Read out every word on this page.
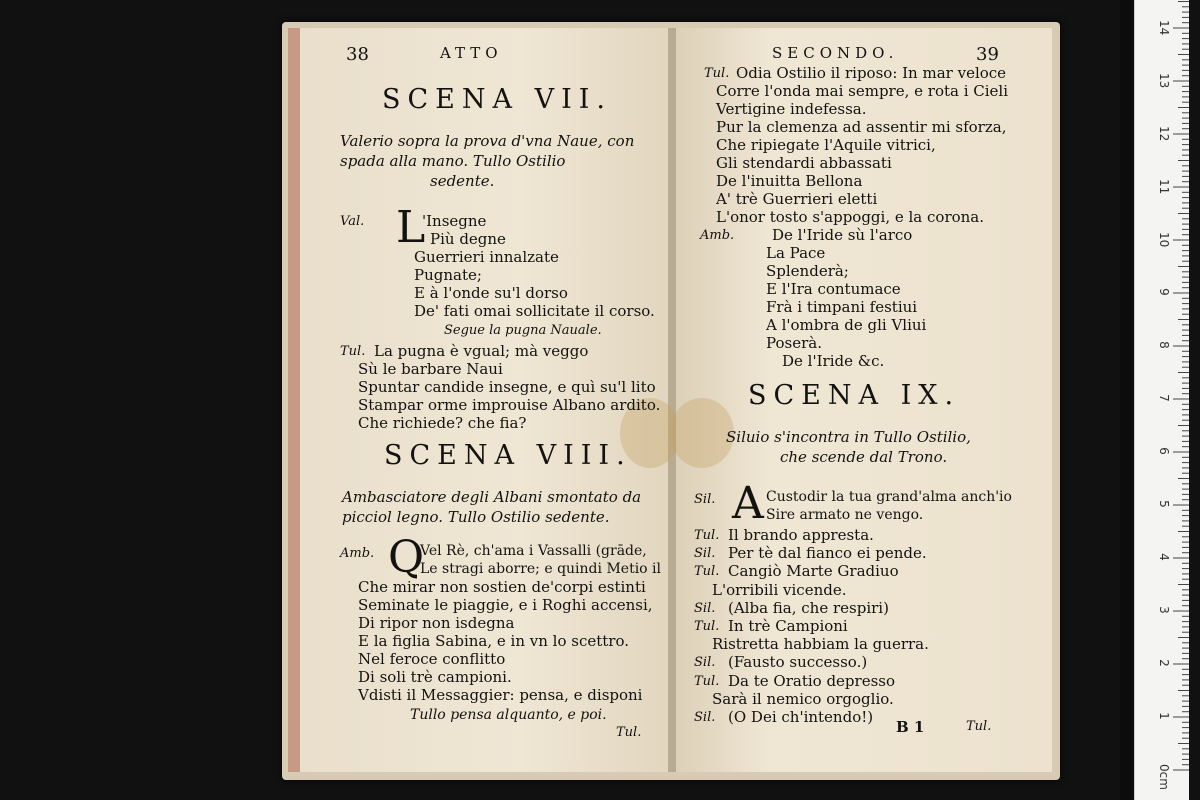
38	ATTO
SCENA VII.
Valerio sopra la prova d'vna Naue, con
spada alla mano. Tullo Ostilio
sedente.
Val. L
'Insegne
Più degne
Guerrieri innalzate
Pugnate;
E à l'onde su'l dorso
De' fati omai sollicitate il corso.
Segue la pugna Nauale.
Tul. La pugna è vgual; mà veggo
Sù le barbare Naui
Spuntar candide insegne, e quì su'l lito
Stampar orme improuise Albano ardito.
Che richiede? che fia?
SCENA VIII.
Ambasciatore degli Albani smontato da
picciol legno. Tullo Ostilio sedente.
Amb. Q
Vel Rè, ch'ama i Vassalli (grāde,
Le stragi aborre; e quindi Metio il
Che mirar non sostien de'corpi estinti
Seminate le piaggie, e i Roghi accensi,
Di ripor non isdegna
E la figlia Sabina, e in vn lo scettro.
Nel feroce conflitto
Di soli trè campioni.
Vdisti il Messaggier: pensa, e disponi
Tullo pensa alquanto, e poi.
Tul.
SECONDO.	39
Tul. Odia Ostilio il riposo: In mar veloce
Corre l'onda mai sempre, e rota i Cieli
Vertigine indefessa.
Pur la clemenza ad assentir mi sforza,
Che ripiegate l'Aquile vitrici,
Gli stendardi abbassati
De l'inuitta Bellona
A' trè Guerrieri eletti
L'onor tosto s'appoggi, e la corona.
Amb.	De l'Iride sù l'arco
La Pace
Splenderà;
E l'Ira contumace
Frà i timpani festiui
A l'ombra de gli Vliui
Poserà.
De l'Iride &c.
SCENA IX.
Siluio s'incontra in Tullo Ostilio,
che scende dal Trono.
Sil. A Custodir la tua grand'alma anch'io
Sire armato ne vengo.
Tul. Il brando appresta.
Sil. Per tè dal fianco ei pende.
Tul. Cangiò Marte Gradiuo
L'orribili vicende.
Sil. (Alba fia, che respiri)
Tul. In trè Campioni
Ristretta habbiam la guerra.
Sil. (Fausto successo.)
Tul. Da te Oratio depresso
Sarà il nemico orgoglio.
Sil. (O Dei ch'intendo!)
B 1	Tul.
14
13
12
11
10
9
8
7
6
5
4
3
2
1
0cm
